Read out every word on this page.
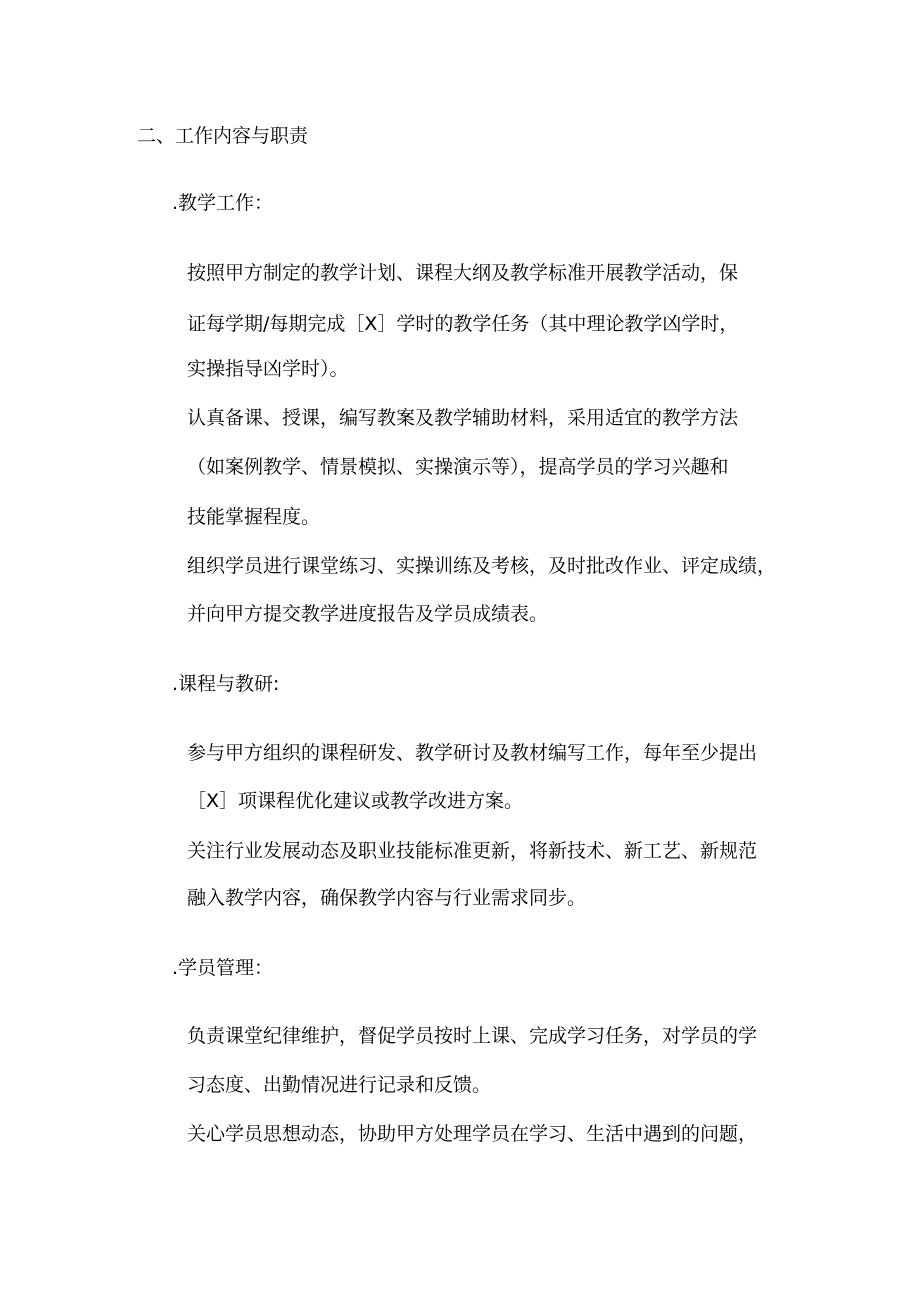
二、工作内容与职责
.教学工作：
按照甲方制定的教学计划、课程大纲及教学标准开展教学活动，保
证每学期/每期完成［X］学时的教学任务（其中理论教学凶学时，
实操指导凶学时）。
认真备课、授课，编写教案及教学辅助材料，采用适宜的教学方法
（如案例教学、情景模拟、实操演示等），提高学员的学习兴趣和
技能掌握程度。
组织学员进行课堂练习、实操训练及考核，及时批改作业、评定成绩，
并向甲方提交教学进度报告及学员成绩表。
.课程与教研:
参与甲方组织的课程研发、教学研讨及教材编写工作，每年至少提出
［X］项课程优化建议或教学改进方案。
关注行业发展动态及职业技能标准更新，将新技术、新工艺、新规范
融入教学内容，确保教学内容与行业需求同步。
.学员管理：
负责课堂纪律维护，督促学员按时上课、完成学习任务，对学员的学
习态度、出勤情况进行记录和反馈。
关心学员思想动态，协助甲方处理学员在学习、生活中遇到的问题，
